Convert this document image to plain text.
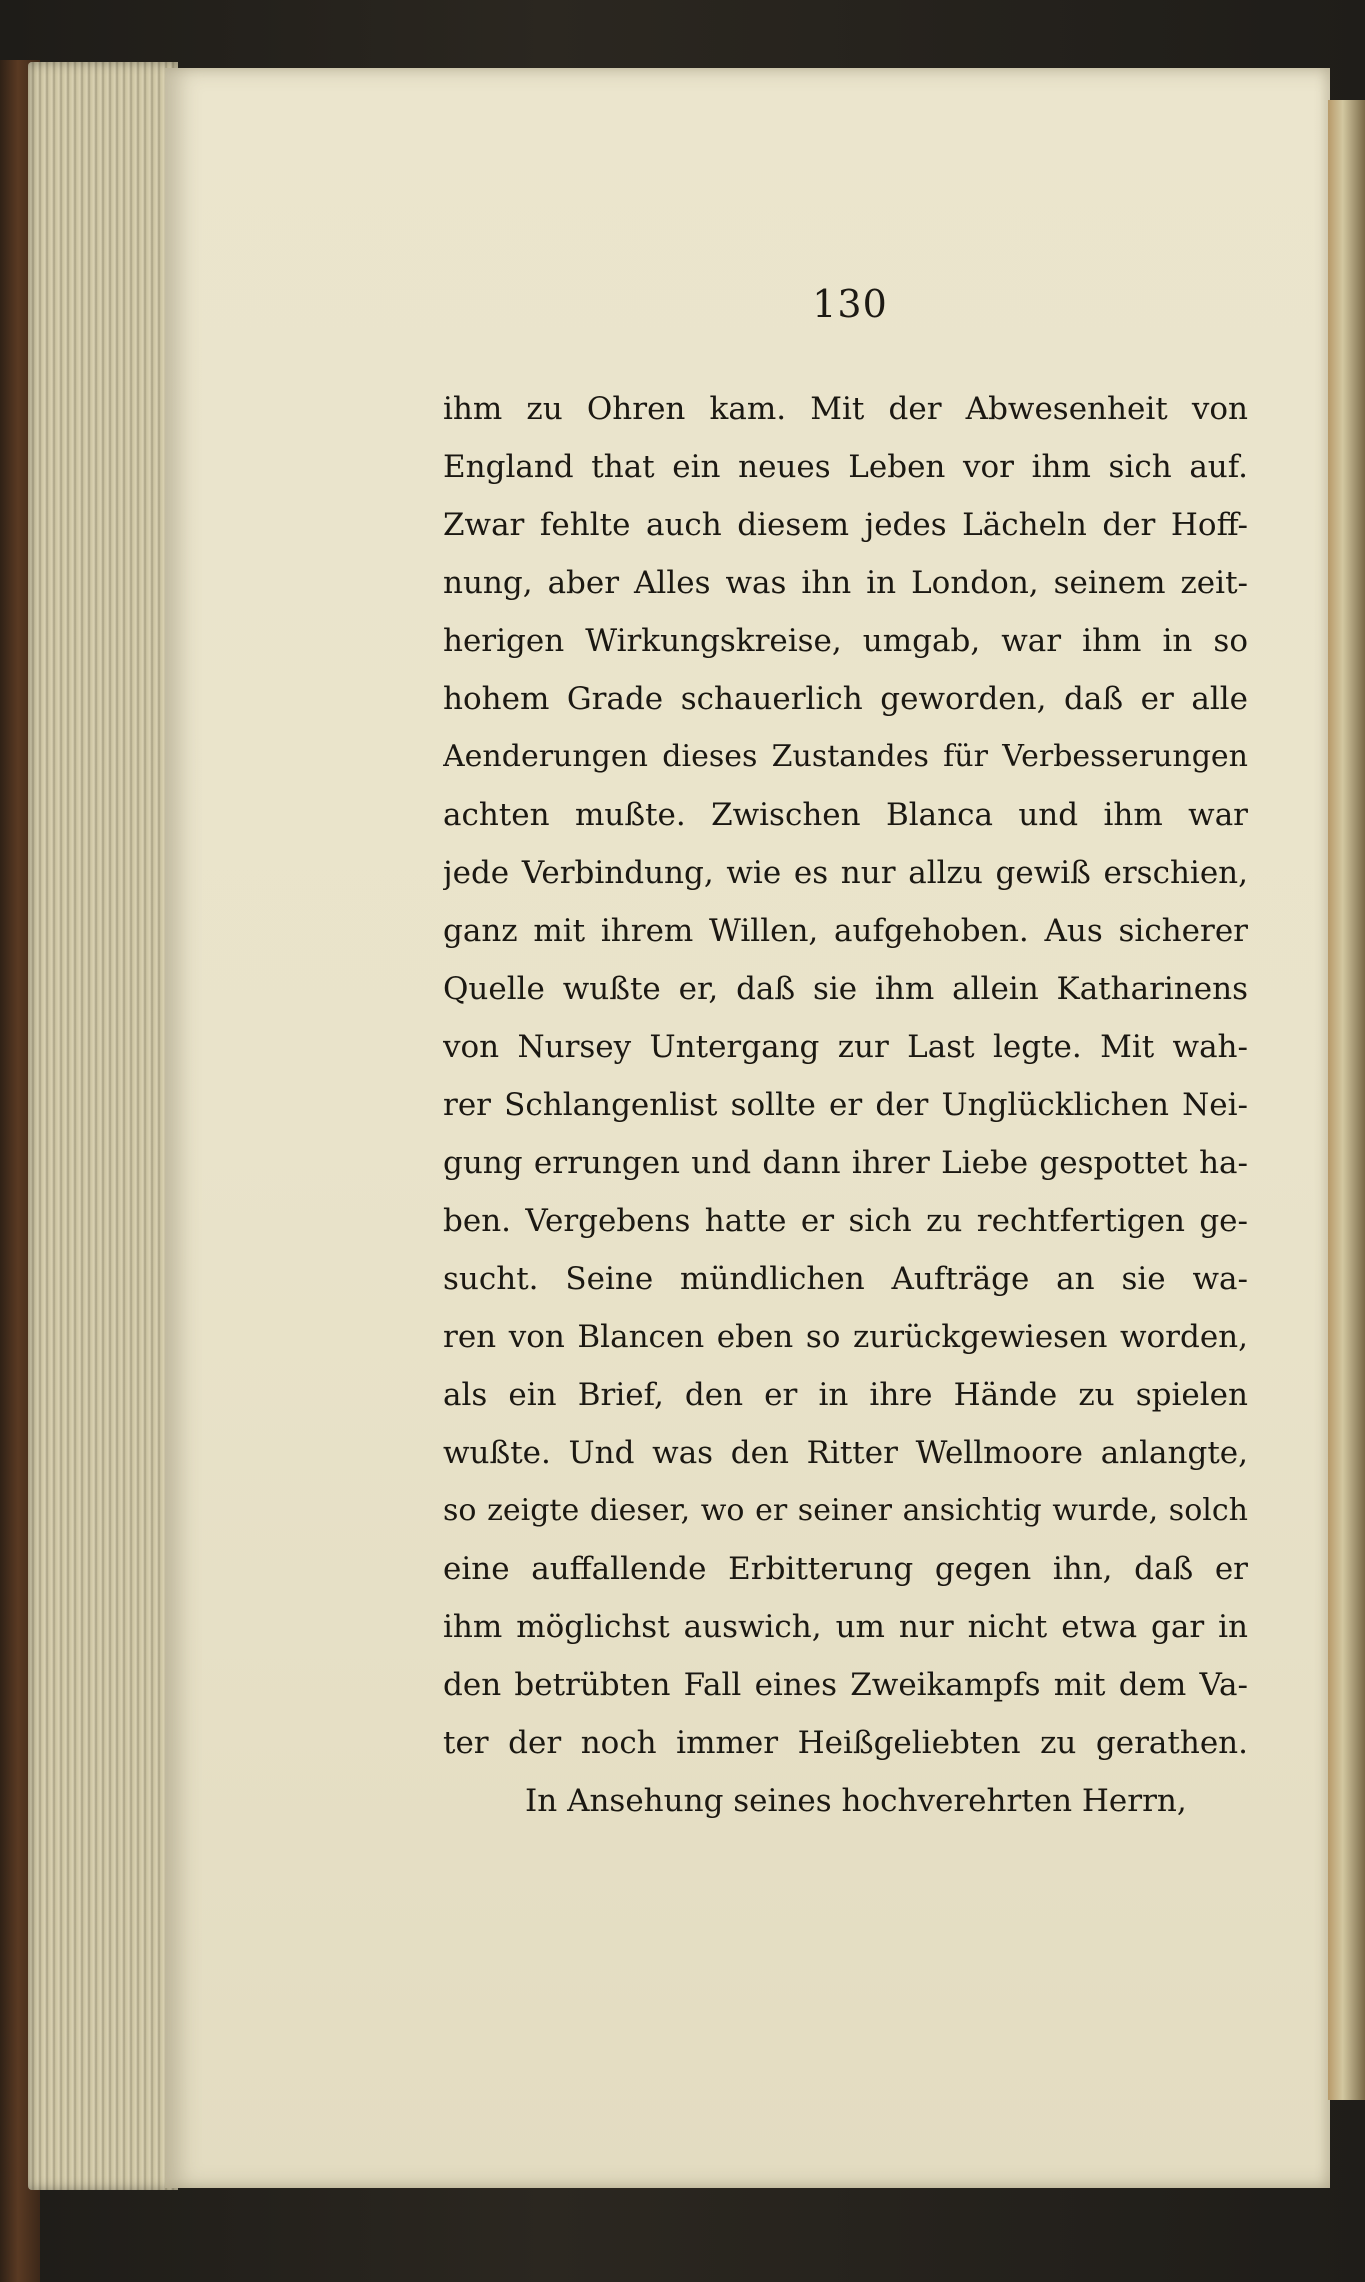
130
ihm zu Ohren kam. Mit der Abwesenheit von
England that ein neues Leben vor ihm sich auf.
Zwar fehlte auch diesem jedes Lächeln der Hoff-
nung, aber Alles was ihn in London, seinem zeit-
herigen Wirkungskreise, umgab, war ihm in so
hohem Grade schauerlich geworden, daß er alle
Aenderungen dieses Zustandes für Verbesserungen
achten mußte. Zwischen Blanca und ihm war
jede Verbindung, wie es nur allzu gewiß erschien,
ganz mit ihrem Willen, aufgehoben. Aus sicherer
Quelle wußte er, daß sie ihm allein Katharinens
von Nursey Untergang zur Last legte. Mit wah-
rer Schlangenlist sollte er der Unglücklichen Nei-
gung errungen und dann ihrer Liebe gespottet ha-
ben. Vergebens hatte er sich zu rechtfertigen ge-
sucht. Seine mündlichen Aufträge an sie wa-
ren von Blancen eben so zurückgewiesen worden,
als ein Brief, den er in ihre Hände zu spielen
wußte. Und was den Ritter Wellmoore anlangte,
so zeigte dieser, wo er seiner ansichtig wurde, solch
eine auffallende Erbitterung gegen ihn, daß er
ihm möglichst auswich, um nur nicht etwa gar in
den betrübten Fall eines Zweikampfs mit dem Va-
ter der noch immer Heißgeliebten zu gerathen.
In Ansehung seines hochverehrten Herrn,
